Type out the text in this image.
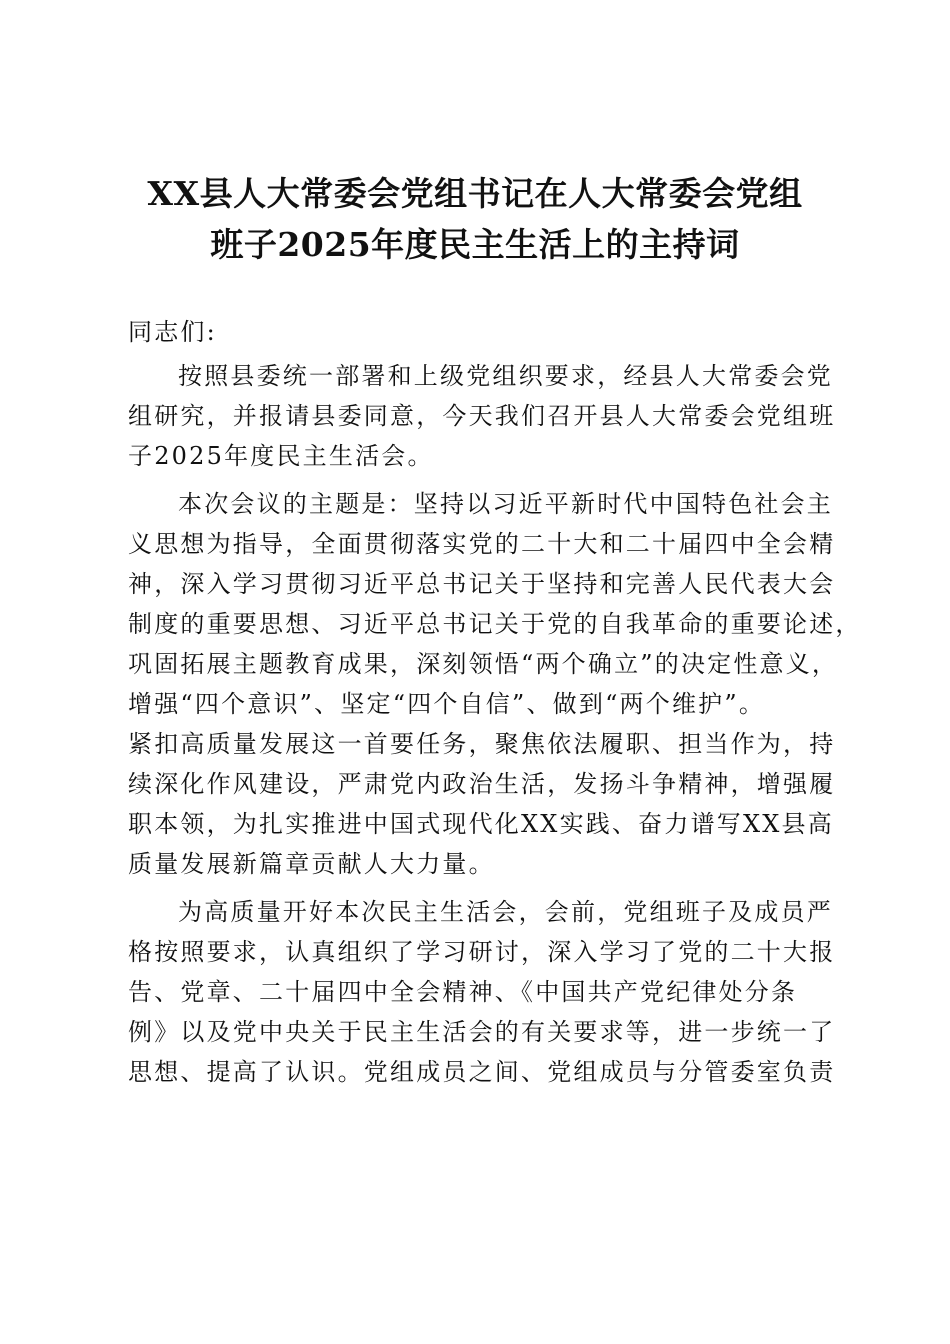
XX县人大常委会党组书记在人大常委会党组
班子2025年度民主生活上的主持词

同志们:

按照县委统一部署和上级党组织要求，经县人大常委会党
组研究，并报请县委同意，今天我们召开县人大常委会党组班
子2025年度民主生活会。

本次会议的主题是：坚持以习近平新时代中国特色社会主
义思想为指导，全面贯彻落实党的二十大和二十届四中全会精
神，深入学习贯彻习近平总书记关于坚持和完善人民代表大会
制度的重要思想、习近平总书记关于党的自我革命的重要论述，
巩固拓展主题教育成果，深刻领悟“两个确立”的决定性意义，
增强“四个意识”、坚定“四个自信”、做到“两个维护”。
紧扣高质量发展这一首要任务，聚焦依法履职、担当作为，持
续深化作风建设，严肃党内政治生活，发扬斗争精神，增强履
职本领，为扎实推进中国式现代化XX实践、奋力谱写XX县高
质量发展新篇章贡献人大力量。

为高质量开好本次民主生活会，会前，党组班子及成员严
格按照要求，认真组织了学习研讨，深入学习了党的二十大报
告、党章、二十届四中全会精神、《中国共产党纪律处分条
例》以及党中央关于民主生活会的有关要求等，进一步统一了
思想、提高了认识。党组成员之间、党组成员与分管委室负责
